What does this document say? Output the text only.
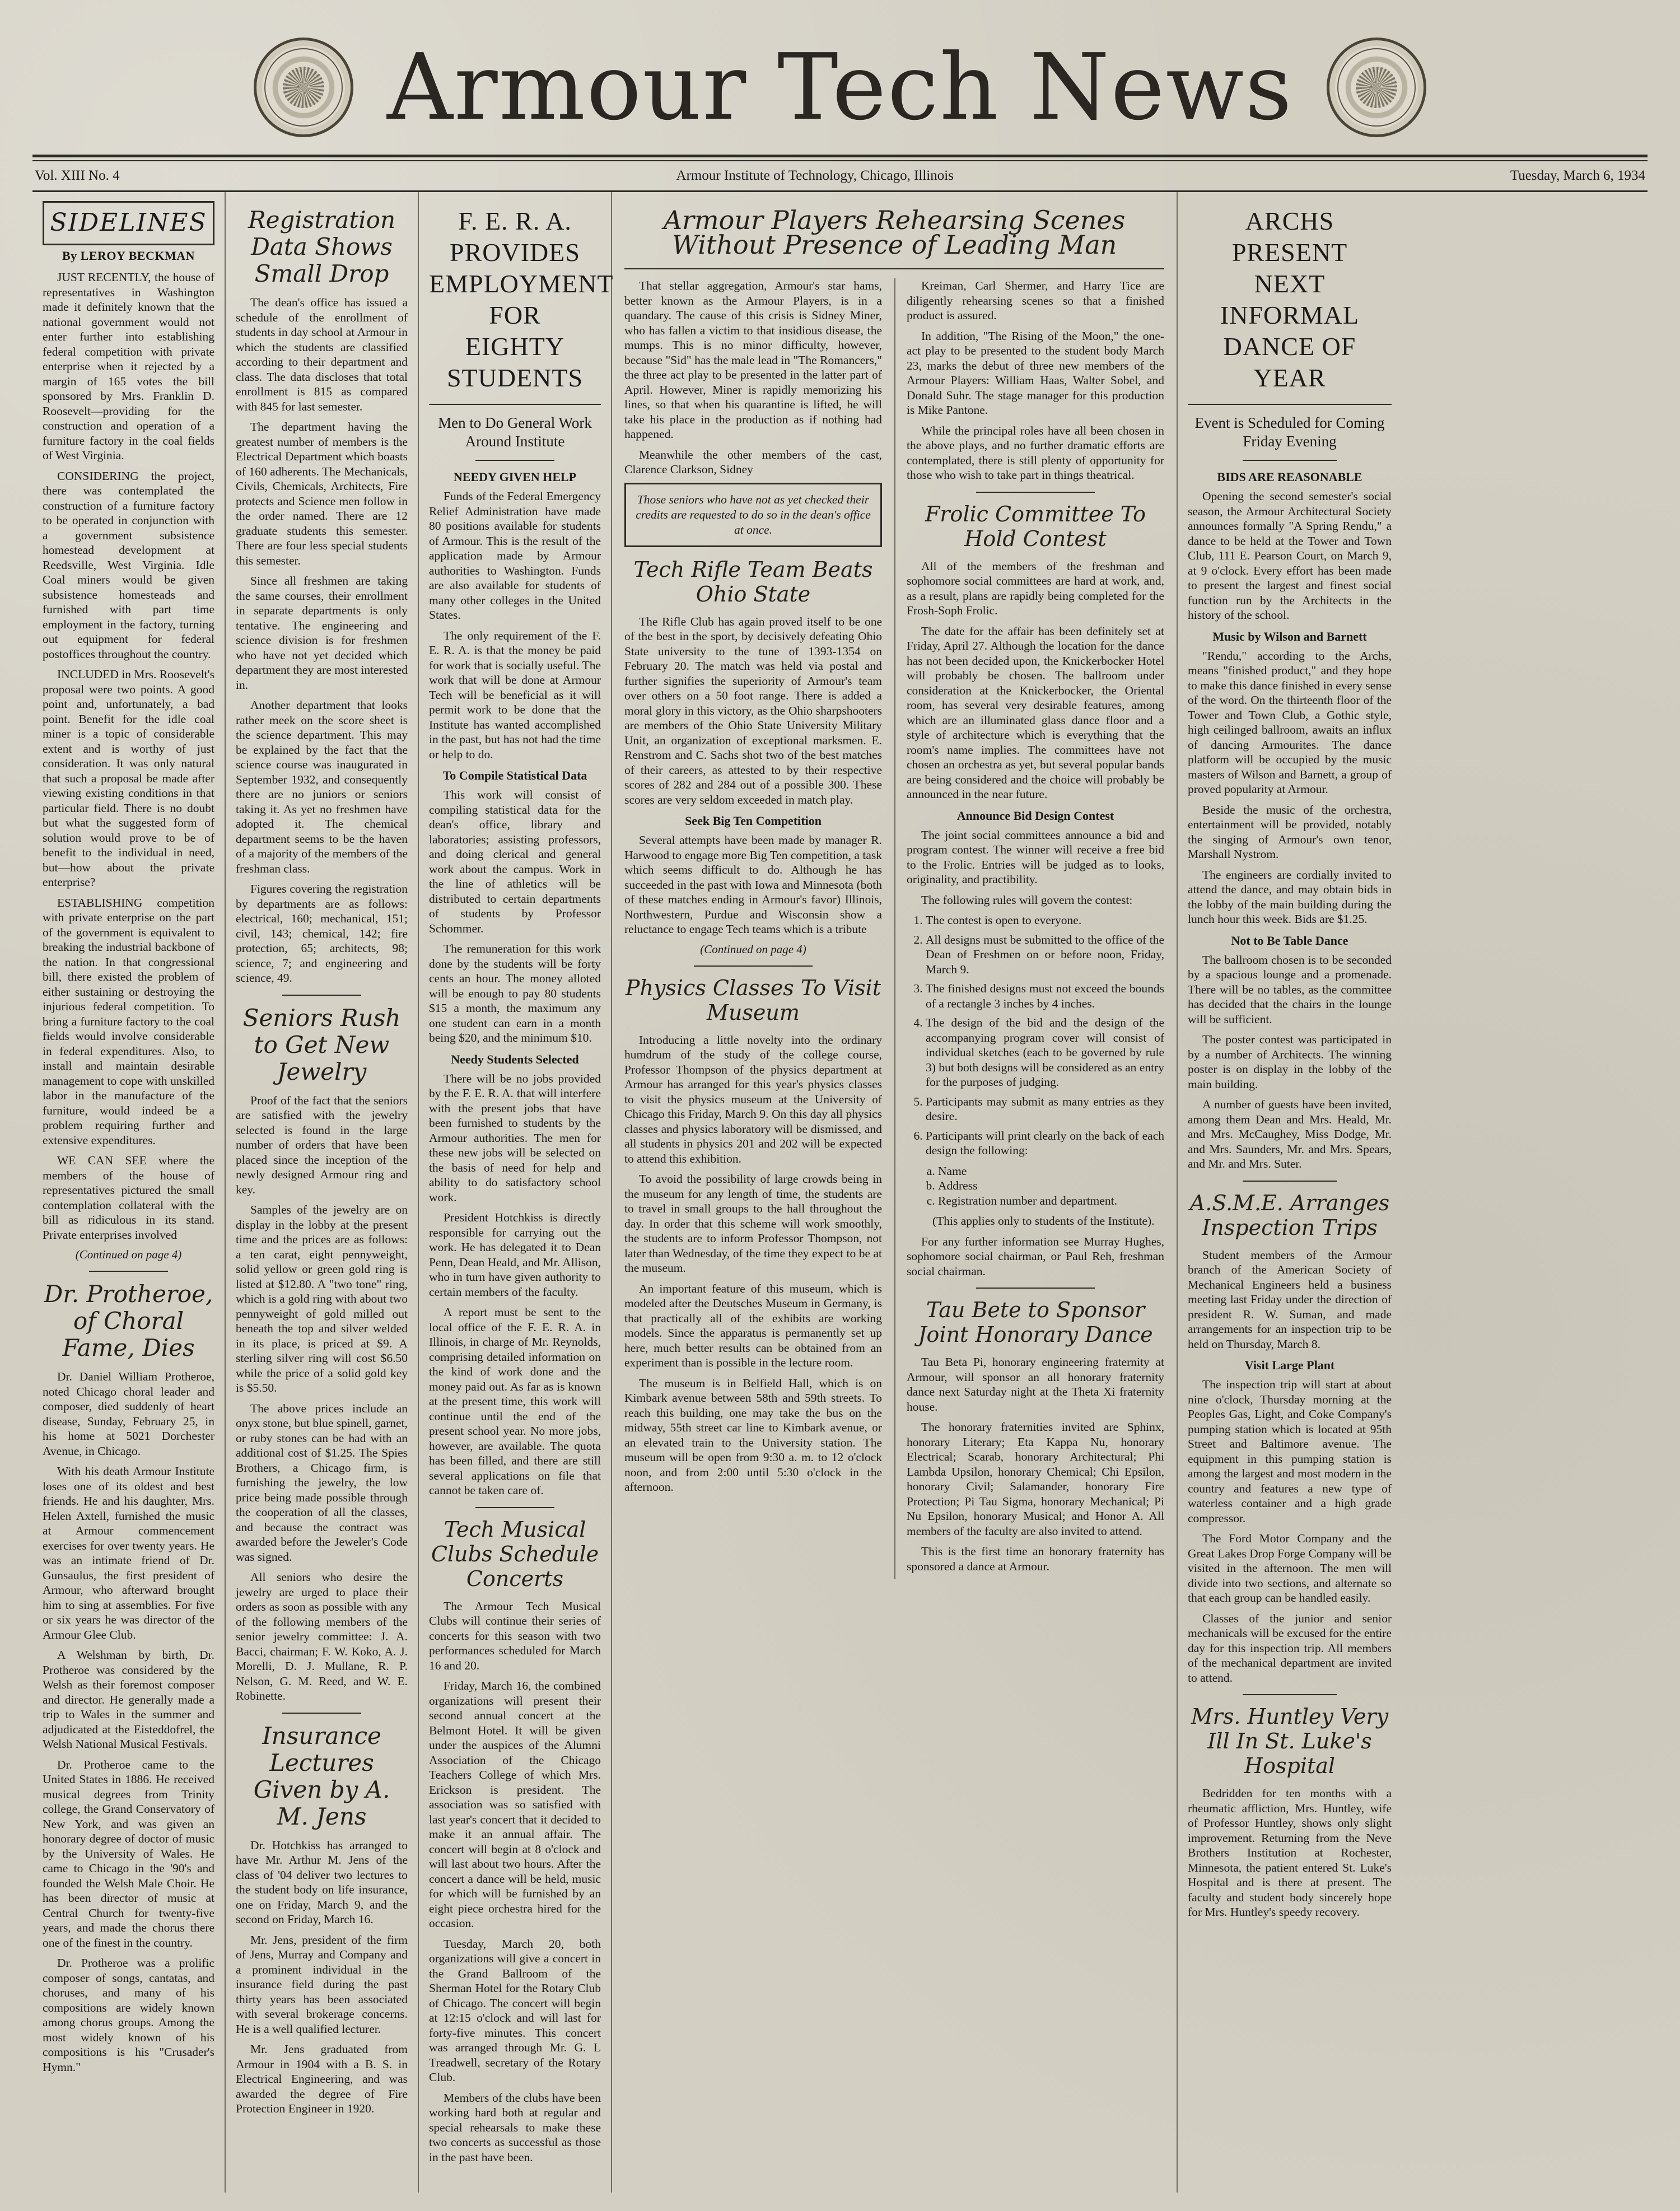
Armour Tech News
Vol. XIII No. 4	Armour Institute of Technology, Chicago, Illinois	Tuesday, March 6, 1934
SIDELINES
By LEROY BECKMAN

JUST RECENTLY, the house of representatives in Washington made it definitely known that the national government would not enter further into establishing federal competition with private enterprise when it rejected by a margin of 165 votes the bill sponsored by Mrs. Franklin D. Roosevelt—providing for the construction and operation of a furniture factory in the coal fields of West Virginia.

CONSIDERING the project, there was contemplated the construction of a furniture factory to be operated in conjunction with a government subsistence homestead development at Reedsville, West Virginia. Idle Coal miners would be given subsistence homesteads and furnished with part time employment in the factory, turning out equipment for federal postoffices throughout the country.

INCLUDED in Mrs. Roosevelt's proposal were two points. A good point and, unfortunately, a bad point. Benefit for the idle coal miner is a topic of considerable extent and is worthy of just consideration. It was only natural that such a proposal be made after viewing existing conditions in that particular field. There is no doubt but what the suggested form of solution would prove to be of benefit to the individual in need, but—how about the private enterprise?

ESTABLISHING competition with private enterprise on the part of the government is equivalent to breaking the industrial backbone of the nation. In that congressional bill, there existed the problem of either sustaining or destroying the injurious federal competition. To bring a furniture factory to the coal fields would involve considerable in federal expenditures. Also, to install and maintain desirable management to cope with unskilled labor in the manufacture of the furniture, would indeed be a problem requiring further and extensive expenditures.

WE CAN SEE where the members of the house of representatives pictured the small contemplation collateral with the bill as ridiculous in its stand. Private enterprises involved

(Continued on page 4)
Dr. Protheroe, of Choral Fame, Dies

Dr. Daniel William Protheroe, noted Chicago choral leader and composer, died suddenly of heart disease, Sunday, February 25, in his home at 5021 Dorchester Avenue, in Chicago.

With his death Armour Institute loses one of its oldest and best friends. He and his daughter, Mrs. Helen Axtell, furnished the music at Armour commencement exercises for over twenty years. He was an intimate friend of Dr. Gunsaulus, the first president of Armour, who afterward brought him to sing at assemblies. For five or six years he was director of the Armour Glee Club.

A Welshman by birth, Dr. Protheroe was considered by the Welsh as their foremost composer and director. He generally made a trip to Wales in the summer and adjudicated at the Eisteddofrel, the Welsh National Musical Festivals.

Dr. Protheroe came to the United States in 1886. He received musical degrees from Trinity college, the Grand Conservatory of New York, and was given an honorary degree of doctor of music by the University of Wales. He came to Chicago in the '90's and founded the Welsh Male Choir. He has been director of music at Central Church for twenty-five years, and made the chorus there one of the finest in the country.

Dr. Protheroe was a prolific composer of songs, cantatas, and choruses, and many of his compositions are widely known among chorus groups. Among the most widely known of his compositions is his "Crusader's Hymn."

Registration Data Shows Small Drop

The dean's office has issued a schedule of the enrollment of students in day school at Armour in which the students are classified according to their department and class. The data discloses that total enrollment is 815 as compared with 845 for last semester.

The department having the greatest number of members is the Electrical Department which boasts of 160 adherents. The Mechanicals, Civils, Chemicals, Architects, Fire protects and Science men follow in the order named. There are 12 graduate students this semester. There are four less special students this semester.

Since all freshmen are taking the same courses, their enrollment in separate departments is only tentative. The engineering and science division is for freshmen who have not yet decided which department they are most interested in.

Another department that looks rather meek on the score sheet is the science department. This may be explained by the fact that the science course was inaugurated in September 1932, and consequently there are no juniors or seniors taking it. As yet no freshmen have adopted it. The chemical department seems to be the haven of a majority of the members of the freshman class.

Figures covering the registration by departments are as follows: electrical, 160; mechanical, 151; civil, 143; chemical, 142; fire protection, 65; architects, 98; science, 7; and engineering and science, 49.

Seniors Rush to Get New Jewelry

Proof of the fact that the seniors are satisfied with the jewelry selected is found in the large number of orders that have been placed since the inception of the newly designed Armour ring and key.

Samples of the jewelry are on display in the lobby at the present time and the prices are as follows: a ten carat, eight pennyweight, solid yellow or green gold ring is listed at $12.80. A "two tone" ring, which is a gold ring with about two pennyweight of gold milled out beneath the top and silver welded in its place, is priced at $9. A sterling silver ring will cost $6.50 while the price of a solid gold key is $5.50.

The above prices include an onyx stone, but blue spinell, garnet, or ruby stones can be had with an additional cost of $1.25. The Spies Brothers, a Chicago firm, is furnishing the jewelry, the low price being made possible through the cooperation of all the classes, and because the contract was awarded before the Jeweler's Code was signed.

All seniors who desire the jewelry are urged to place their orders as soon as possible with any of the following members of the senior jewelry committee: J. A. Bacci, chairman; F. W. Koko, A. J. Morelli, D. J. Mullane, R. P. Nelson, G. M. Reed, and W. E. Robinette.

Insurance Lectures Given by A. M. Jens

Dr. Hotchkiss has arranged to have Mr. Arthur M. Jens of the class of '04 deliver two lectures to the student body on life insurance, one on Friday, March 9, and the second on Friday, March 16.

Mr. Jens, president of the firm of Jens, Murray and Company and a prominent individual in the insurance field during the past thirty years has been associated with several brokerage concerns. He is a well qualified lecturer.

Mr. Jens graduated from Armour in 1904 with a B. S. in Electrical Engineering, and was awarded the degree of Fire Protection Engineer in 1920.

F. E. R. A. PROVIDES
EMPLOYMENT FOR
EIGHTY STUDENTS
Men to Do General Work Around Institute
NEEDY GIVEN HELP

Funds of the Federal Emergency Relief Administration have made 80 positions available for students of Armour. This is the result of the application made by Armour authorities to Washington. Funds are also available for students of many other colleges in the United States.

The only requirement of the F. E. R. A. is that the money be paid for work that is socially useful. The work that will be done at Armour Tech will be beneficial as it will permit work to be done that the Institute has wanted accomplished in the past, but has not had the time or help to do.

To Compile Statistical Data

This work will consist of compiling statistical data for the dean's office, library and laboratories; assisting professors, and doing clerical and general work about the campus. Work in the line of athletics will be distributed to certain departments of students by Professor Schommer.

The remuneration for this work done by the students will be forty cents an hour. The money alloted will be enough to pay 80 students $15 a month, the maximum any one student can earn in a month being $20, and the minimum $10.

Needy Students Selected

There will be no jobs provided by the F. E. R. A. that will interfere with the present jobs that have been furnished to students by the Armour authorities. The men for these new jobs will be selected on the basis of need for help and ability to do satisfactory school work.

President Hotchkiss is directly responsible for carrying out the work. He has delegated it to Dean Penn, Dean Heald, and Mr. Allison, who in turn have given authority to certain members of the faculty.

A report must be sent to the local office of the F. E. R. A. in Illinois, in charge of Mr. Reynolds, comprising detailed information on the kind of work done and the money paid out. As far as is known at the present time, this work will continue until the end of the present school year. No more jobs, however, are available. The quota has been filled, and there are still several applications on file that cannot be taken care of.

Tech Musical Clubs Schedule Concerts

The Armour Tech Musical Clubs will continue their series of concerts for this season with two performances scheduled for March 16 and 20.

Friday, March 16, the combined organizations will present their second annual concert at the Belmont Hotel. It will be given under the auspices of the Alumni Association of the Chicago Teachers College of which Mrs. Erickson is president. The association was so satisfied with last year's concert that it decided to make it an annual affair. The concert will begin at 8 o'clock and will last about two hours. After the concert a dance will be held, music for which will be furnished by an eight piece orchestra hired for the occasion.

Tuesday, March 20, both organizations will give a concert in the Grand Ballroom of the Sherman Hotel for the Rotary Club of Chicago. The concert will begin at 12:15 o'clock and will last for forty-five minutes. This concert was arranged through Mr. G. L Treadwell, secretary of the Rotary Club.

Members of the clubs have been working hard both at regular and special rehearsals to make these two concerts as successful as those in the past have been.

Armour Players Rehearsing Scenes
Without Presence of Leading Man

That stellar aggregation, Armour's star hams, better known as the Armour Players, is in a quandary. The cause of this crisis is Sidney Miner, who has fallen a victim to that insidious disease, the mumps. This is no minor difficulty, however, because "Sid" has the male lead in "The Romancers," the three act play to be presented in the latter part of April. However, Miner is rapidly memorizing his lines, so that when his quarantine is lifted, he will take his place in the production as if nothing had happened.

Meanwhile the other members of the cast, Clarence Clarkson, Sidney

Those seniors who have not as yet checked their credits are requested to do so in the dean's office at once.
Tech Rifle Team Beats Ohio State

The Rifle Club has again proved itself to be one of the best in the sport, by decisively defeating Ohio State university to the tune of 1393-1354 on February 20. The match was held via postal and further signifies the superiority of Armour's team over others on a 50 foot range. There is added a moral glory in this victory, as the Ohio sharpshooters are members of the Ohio State University Military Unit, an organization of exceptional marksmen. E. Renstrom and C. Sachs shot two of the best matches of their careers, as attested to by their respective scores of 282 and 284 out of a possible 300. These scores are very seldom exceeded in match play.

Seek Big Ten Competition

Several attempts have been made by manager R. Harwood to engage more Big Ten competition, a task which seems difficult to do. Although he has succeeded in the past with Iowa and Minnesota (both of these matches ending in Armour's favor) Illinois, Northwestern, Purdue and Wisconsin show a reluctance to engage Tech teams which is a tribute

(Continued on page 4)
Physics Classes To Visit Museum

Introducing a little novelty into the ordinary humdrum of the study of the college course, Professor Thompson of the physics department at Armour has arranged for this year's physics classes to visit the physics museum at the University of Chicago this Friday, March 9. On this day all physics classes and physics laboratory will be dismissed, and all students in physics 201 and 202 will be expected to attend this exhibition.

To avoid the possibility of large crowds being in the museum for any length of time, the students are to travel in small groups to the hall throughout the day. In order that this scheme will work smoothly, the students are to inform Professor Thompson, not later than Wednesday, of the time they expect to be at the museum.

An important feature of this museum, which is modeled after the Deutsches Museum in Germany, is that practically all of the exhibits are working models. Since the apparatus is permanently set up here, much better results can be obtained from an experiment than is possible in the lecture room.

The museum is in Belfield Hall, which is on Kimbark avenue between 58th and 59th streets. To reach this building, one may take the bus on the midway, 55th street car line to Kimbark avenue, or an elevated train to the University station. The museum will be open from 9:30 a. m. to 12 o'clock noon, and from 2:00 until 5:30 o'clock in the afternoon.

Kreiman, Carl Shermer, and Harry Tice are diligently rehearsing scenes so that a finished product is assured.

In addition, "The Rising of the Moon," the one-act play to be presented to the student body March 23, marks the debut of three new members of the Armour Players: William Haas, Walter Sobel, and Donald Suhr. The stage manager for this production is Mike Pantone.

While the principal roles have all been chosen in the above plays, and no further dramatic efforts are contemplated, there is still plenty of opportunity for those who wish to take part in things theatrical.

Frolic Committee To Hold Contest

All of the members of the freshman and sophomore social committees are hard at work, and, as a result, plans are rapidly being completed for the Frosh-Soph Frolic.

The date for the affair has been definitely set at Friday, April 27. Although the location for the dance has not been decided upon, the Knickerbocker Hotel will probably be chosen. The ballroom under consideration at the Knickerbocker, the Oriental room, has several very desirable features, among which are an illuminated glass dance floor and a style of architecture which is everything that the room's name implies. The committees have not chosen an orchestra as yet, but several popular bands are being considered and the choice will probably be announced in the near future.

Announce Bid Design Contest

The joint social committees announce a bid and program contest. The winner will receive a free bid to the Frolic. Entries will be judged as to looks, originality, and practibility.

The following rules will govern the contest:

1. The contest is open to everyone.
2. All designs must be submitted to the office of the Dean of Freshmen on or before noon, Friday, March 9.
3. The finished designs must not exceed the bounds of a rectangle 3 inches by 4 inches.
4. The design of the bid and the design of the accompanying program cover will consist of individual sketches (each to be governed by rule 3) but both designs will be considered as an entry for the purposes of judging.
5. Participants may submit as many entries as they desire.
6. Participants will print clearly on the back of each design the following:
a. Name
b. Address
c. Registration number and department.

(This applies only to students of the Institute).

For any further information see Murray Hughes, sophomore social chairman, or Paul Reh, freshman social chairman.

Tau Bete to Sponsor Joint Honorary Dance

Tau Beta Pi, honorary engineering fraternity at Armour, will sponsor an all honorary fraternity dance next Saturday night at the Theta Xi fraternity house.

The honorary fraternities invited are Sphinx, honorary Literary; Eta Kappa Nu, honorary Electrical; Scarab, honorary Architectural; Phi Lambda Upsilon, honorary Chemical; Chi Epsilon, honorary Civil; Salamander, honorary Fire Protection; Pi Tau Sigma, honorary Mechanical; Pi Nu Epsilon, honorary Musical; and Honor A. All members of the faculty are also invited to attend.

This is the first time an honorary fraternity has sponsored a dance at Armour.

ARCHS PRESENT
NEXT INFORMAL
DANCE OF YEAR
Event is Scheduled for Coming Friday Evening
BIDS ARE REASONABLE

Opening the second semester's social season, the Armour Architectural Society announces formally "A Spring Rendu," a dance to be held at the Tower and Town Club, 111 E. Pearson Court, on March 9, at 9 o'clock. Every effort has been made to present the largest and finest social function run by the Architects in the history of the school.

Music by Wilson and Barnett

"Rendu," according to the Archs, means "finished product," and they hope to make this dance finished in every sense of the word. On the thirteenth floor of the Tower and Town Club, a Gothic style, high ceilinged ballroom, awaits an influx of dancing Armourites. The dance platform will be occupied by the music masters of Wilson and Barnett, a group of proved popularity at Armour.

Beside the music of the orchestra, entertainment will be provided, notably the singing of Armour's own tenor, Marshall Nystrom.

The engineers are cordially invited to attend the dance, and may obtain bids in the lobby of the main building during the lunch hour this week. Bids are $1.25.

Not to Be Table Dance

The ballroom chosen is to be seconded by a spacious lounge and a promenade. There will be no tables, as the committee has decided that the chairs in the lounge will be sufficient.

The poster contest was participated in by a number of Architects. The winning poster is on display in the lobby of the main building.

A number of guests have been invited, among them Dean and Mrs. Heald, Mr. and Mrs. McCaughey, Miss Dodge, Mr. and Mrs. Saunders, Mr. and Mrs. Spears, and Mr. and Mrs. Suter.

A.S.M.E. Arranges Inspection Trips

Student members of the Armour branch of the American Society of Mechanical Engineers held a business meeting last Friday under the direction of president R. W. Suman, and made arrangements for an inspection trip to be held on Thursday, March 8.

Visit Large Plant

The inspection trip will start at about nine o'clock, Thursday morning at the Peoples Gas, Light, and Coke Company's pumping station which is located at 95th Street and Baltimore avenue. The equipment in this pumping station is among the largest and most modern in the country and features a new type of waterless container and a high grade compressor.

The Ford Motor Company and the Great Lakes Drop Forge Company will be visited in the afternoon. The men will divide into two sections, and alternate so that each group can be handled easily.

Classes of the junior and senior mechanicals will be excused for the entire day for this inspection trip. All members of the mechanical department are invited to attend.

Mrs. Huntley Very Ill In St. Luke's Hospital

Bedridden for ten months with a rheumatic affliction, Mrs. Huntley, wife of Professor Huntley, shows only slight improvement. Returning from the Neve Brothers Institution at Rochester, Minnesota, the patient entered St. Luke's Hospital and is there at present. The faculty and student body sincerely hope for Mrs. Huntley's speedy recovery.
